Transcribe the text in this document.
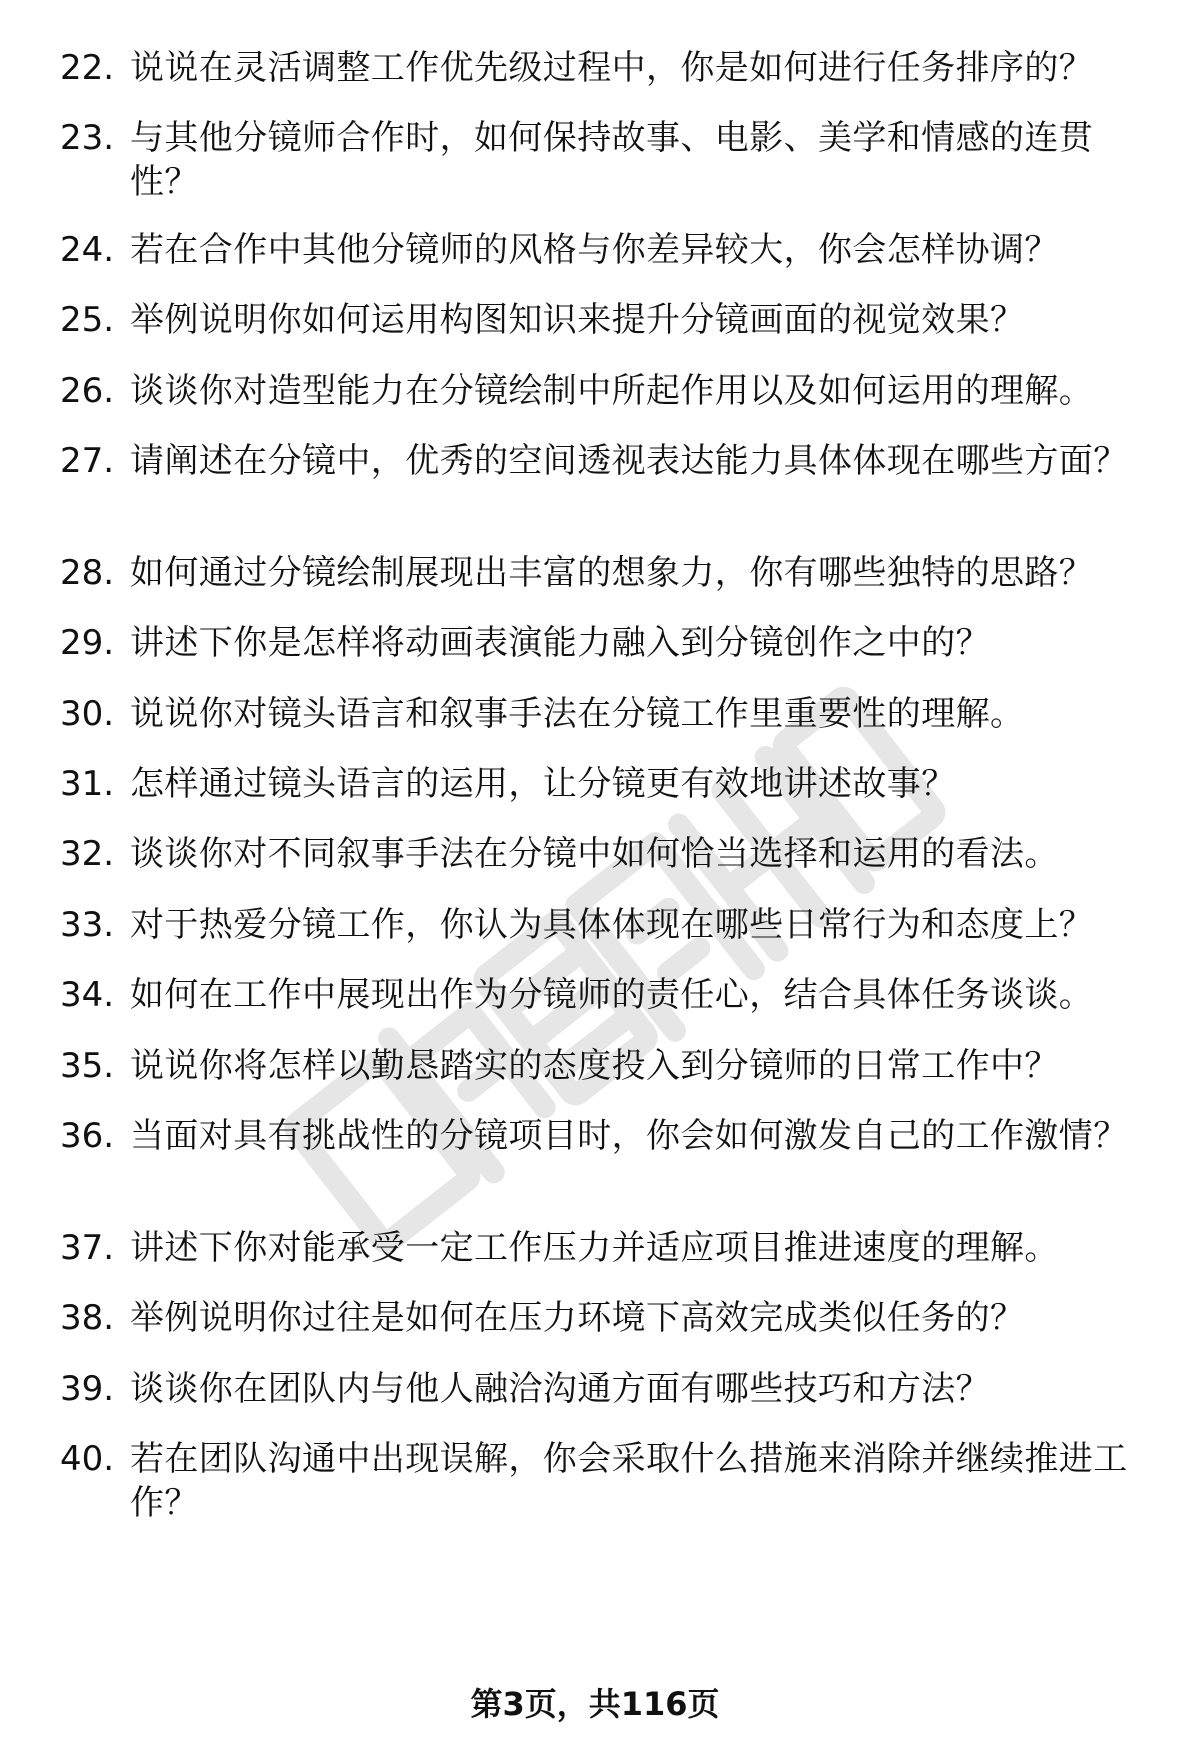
22. 说说在灵活调整工作优先级过程中，你是如何进行任务排序的？
23. 与其他分镜师合作时，如何保持故事、电影、美学和情感的连贯性？
24. 若在合作中其他分镜师的风格与你差异较大，你会怎样协调？
25. 举例说明你如何运用构图知识来提升分镜画面的视觉效果？
26. 谈谈你对造型能力在分镜绘制中所起作用以及如何运用的理解。
27. 请阐述在分镜中，优秀的空间透视表达能力具体体现在哪些方面？
28. 如何通过分镜绘制展现出丰富的想象力，你有哪些独特的思路？
29. 讲述下你是怎样将动画表演能力融入到分镜创作之中的？
30. 说说你对镜头语言和叙事手法在分镜工作里重要性的理解。
31. 怎样通过镜头语言的运用，让分镜更有效地讲述故事？
32. 谈谈你对不同叙事手法在分镜中如何恰当选择和运用的看法。
33. 对于热爱分镜工作，你认为具体体现在哪些日常行为和态度上？
34. 如何在工作中展现出作为分镜师的责任心，结合具体任务谈谈。
35. 说说你将怎样以勤恳踏实的态度投入到分镜师的日常工作中？
36. 当面对具有挑战性的分镜项目时，你会如何激发自己的工作激情？
37. 讲述下你对能承受一定工作压力并适应项目推进速度的理解。
38. 举例说明你过往是如何在压力环境下高效完成类似任务的？
39. 谈谈你在团队内与他人融洽沟通方面有哪些技巧和方法？
40. 若在团队沟通中出现误解，你会采取什么措施来消除并继续推进工作？
第3页，共116页
